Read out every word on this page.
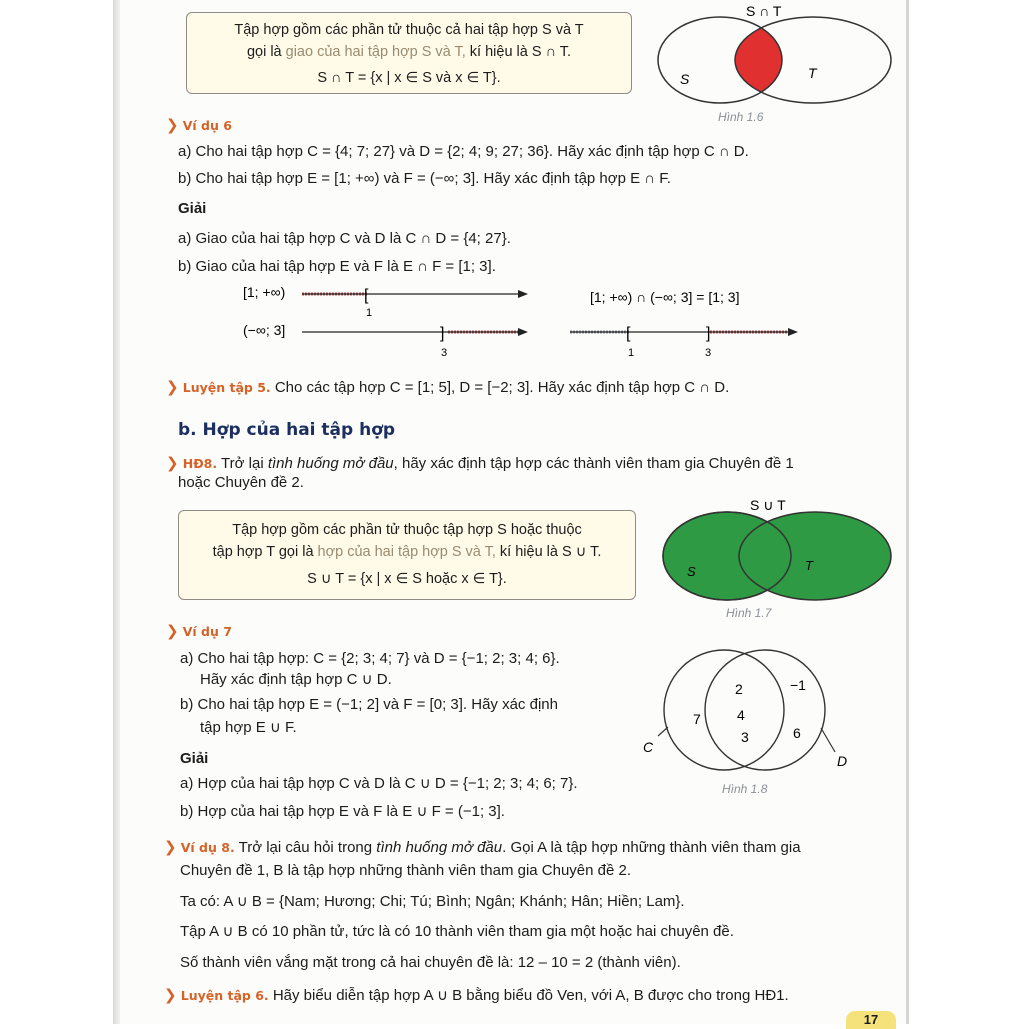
Tập hợp gồm các phần tử thuộc cả hai tập hợp S và T
gọi là giao của hai tập hợp S và T, kí hiệu là S ∩ T.
S ∩ T = {x | x ∈ S và x ∈ T}.
S ∩ T
S	T
Hình 1.6
❯ Ví dụ 6
a) Cho hai tập hợp C = {4; 7; 27} và D = {2; 4; 9; 27; 36}. Hãy xác định tập hợp C ∩ D.
b) Cho hai tập hợp E = [1; +∞) và F = (−∞; 3]. Hãy xác định tập hợp E ∩ F.
Giải
a) Giao của hai tập hợp C và D là C ∩ D = {4; 27}.
b) Giao của hai tập hợp E và F là E ∩ F = [1; 3].
[1; +∞)	[
1
(−∞; 3]	]
3
[1; +∞) ∩ (−∞; 3] = [1; 3]
[	]
1	3
❯ Luyện tập 5. Cho các tập hợp C = [1; 5], D = [−2; 3]. Hãy xác định tập hợp C ∩ D.
b. Hợp của hai tập hợp
❯ HĐ8. Trở lại tình huống mở đầu, hãy xác định tập hợp các thành viên tham gia Chuyên đề 1
hoặc Chuyên đề 2.
Tập hợp gồm các phần tử thuộc tập hợp S hoặc thuộc
tập hợp T gọi là hợp của hai tập hợp S và T, kí hiệu là S ∪ T.
S ∪ T = {x | x ∈ S hoặc x ∈ T}.
S ∪ T
S	T
Hình 1.7
❯ Ví dụ 7
a) Cho hai tập hợp: C = {2; 3; 4; 7} và D = {−1; 2; 3; 4; 6}.
Hãy xác định tập hợp C ∪ D.
b) Cho hai tập hợp E = (−1; 2] và F = [0; 3]. Hãy xác định
tập hợp E ∪ F.
Giải
a) Hợp của hai tập hợp C và D là C ∪ D = {−1; 2; 3; 4; 6; 7}.
b) Hợp của hai tập hợp E và F là E ∪ F = (−1; 3].
7
2
4
3
−1
6
C
D
Hình 1.8
❯ Ví dụ 8. Trở lại câu hỏi trong tình huống mở đầu. Gọi A là tập hợp những thành viên tham gia
Chuyên đề 1, B là tập hợp những thành viên tham gia Chuyên đề 2.
Ta có: A ∪ B = {Nam; Hương; Chi; Tú; Bình; Ngân; Khánh; Hân; Hiền; Lam}.
Tập A ∪ B có 10 phần tử, tức là có 10 thành viên tham gia một hoặc hai chuyên đề.
Số thành viên vắng mặt trong cả hai chuyên đề là: 12 – 10 = 2 (thành viên).
❯ Luyện tập 6. Hãy biểu diễn tập hợp A ∪ B bằng biểu đồ Ven, với A, B được cho trong HĐ1.
17
